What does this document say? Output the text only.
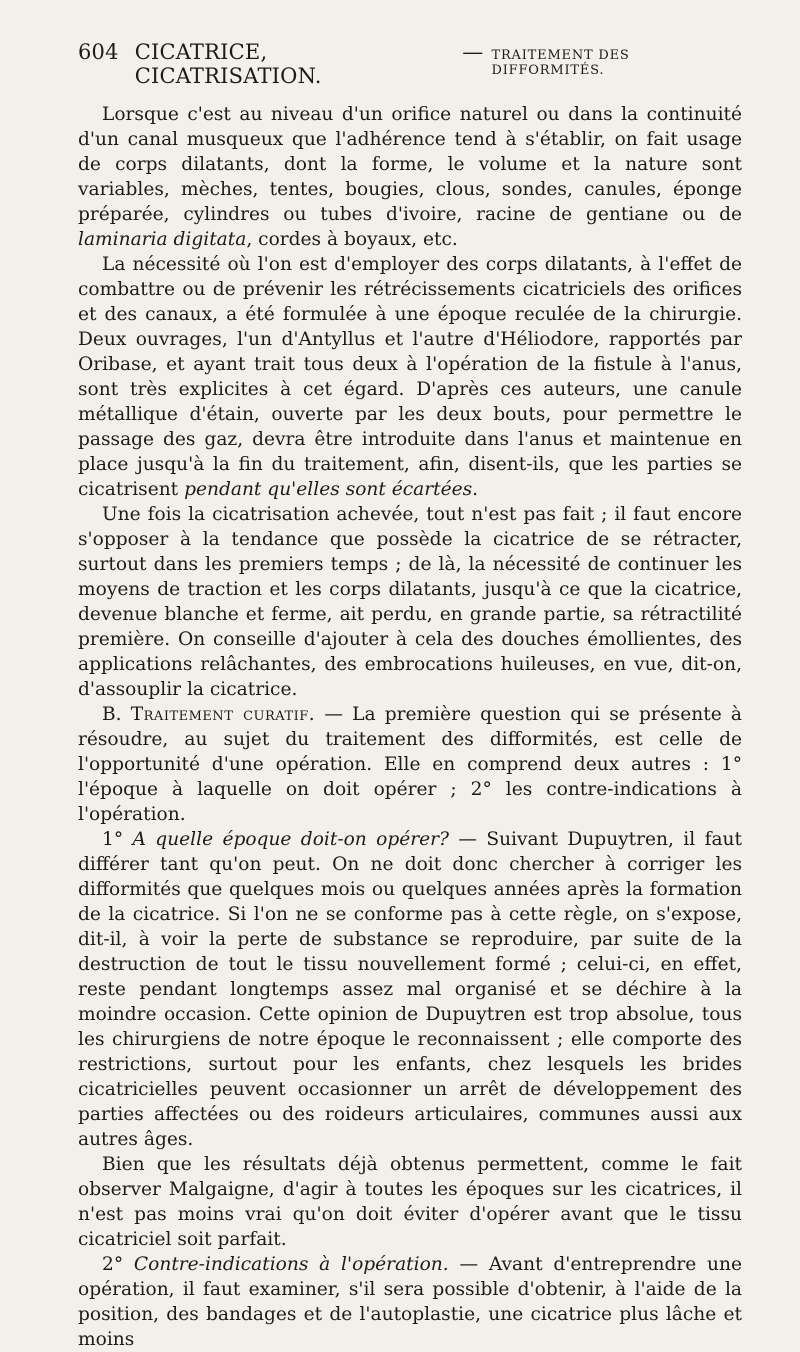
604 CICATRICE, CICATRISATION.
— TRAITEMENT DES DIFFORMITÉS.

Lorsque c'est au niveau d'un orifice naturel ou dans la continuité d'un canal musqueux que l'adhérence tend à s'établir, on fait usage de corps dilatants, dont la forme, le volume et la nature sont variables, mèches, tentes, bougies, clous, sondes, canules, éponge préparée, cylindres ou tubes d'ivoire, racine de gentiane ou de laminaria digitata, cordes à boyaux, etc.

La nécessité où l'on est d'employer des corps dilatants, à l'effet de combattre ou de prévenir les rétrécissements cicatriciels des orifices et des canaux, a été formulée à une époque reculée de la chirurgie. Deux ouvrages, l'un d'Antyllus et l'autre d'Héliodore, rapportés par Oribase, et ayant trait tous deux à l'opération de la fistule à l'anus, sont très explicites à cet égard. D'après ces auteurs, une canule métallique d'étain, ouverte par les deux bouts, pour permettre le passage des gaz, devra être introduite dans l'anus et maintenue en place jusqu'à la fin du traitement, afin, disent-ils, que les parties se cicatrisent pendant qu'elles sont écartées.

Une fois la cicatrisation achevée, tout n'est pas fait ; il faut encore s'opposer à la tendance que possède la cicatrice de se rétracter, surtout dans les premiers temps ; de là, la nécessité de continuer les moyens de traction et les corps dilatants, jusqu'à ce que la cicatrice, devenue blanche et ferme, ait perdu, en grande partie, sa rétractilité première. On conseille d'ajouter à cela des douches émollientes, des applications relâchantes, des embrocations huileuses, en vue, dit-on, d'assouplir la cicatrice.

B. Traitement curatif. — La première question qui se présente à résoudre, au sujet du traitement des difformités, est celle de l'opportunité d'une opération. Elle en comprend deux autres : 1° l'époque à laquelle on doit opérer ; 2° les contre-indications à l'opération.

1° A quelle époque doit-on opérer? — Suivant Dupuytren, il faut différer tant qu'on peut. On ne doit donc chercher à corriger les difformités que quelques mois ou quelques années après la formation de la cicatrice. Si l'on ne se conforme pas à cette règle, on s'expose, dit-il, à voir la perte de substance se reproduire, par suite de la destruction de tout le tissu nouvellement formé ; celui-ci, en effet, reste pendant longtemps assez mal organisé et se déchire à la moindre occasion. Cette opinion de Dupuytren est trop absolue, tous les chirurgiens de notre époque le reconnaissent ; elle comporte des restrictions, surtout pour les enfants, chez lesquels les brides cicatricielles peuvent occasionner un arrêt de développement des parties affectées ou des roideurs articulaires, communes aussi aux autres âges.

Bien que les résultats déjà obtenus permettent, comme le fait observer Malgaigne, d'agir à toutes les époques sur les cicatrices, il n'est pas moins vrai qu'on doit éviter d'opérer avant que le tissu cicatriciel soit parfait.

2° Contre-indications à l'opération. — Avant d'entreprendre une opération, il faut examiner, s'il sera possible d'obtenir, à l'aide de la position, des bandages et de l'autoplastie, une cicatrice plus lâche et moins
